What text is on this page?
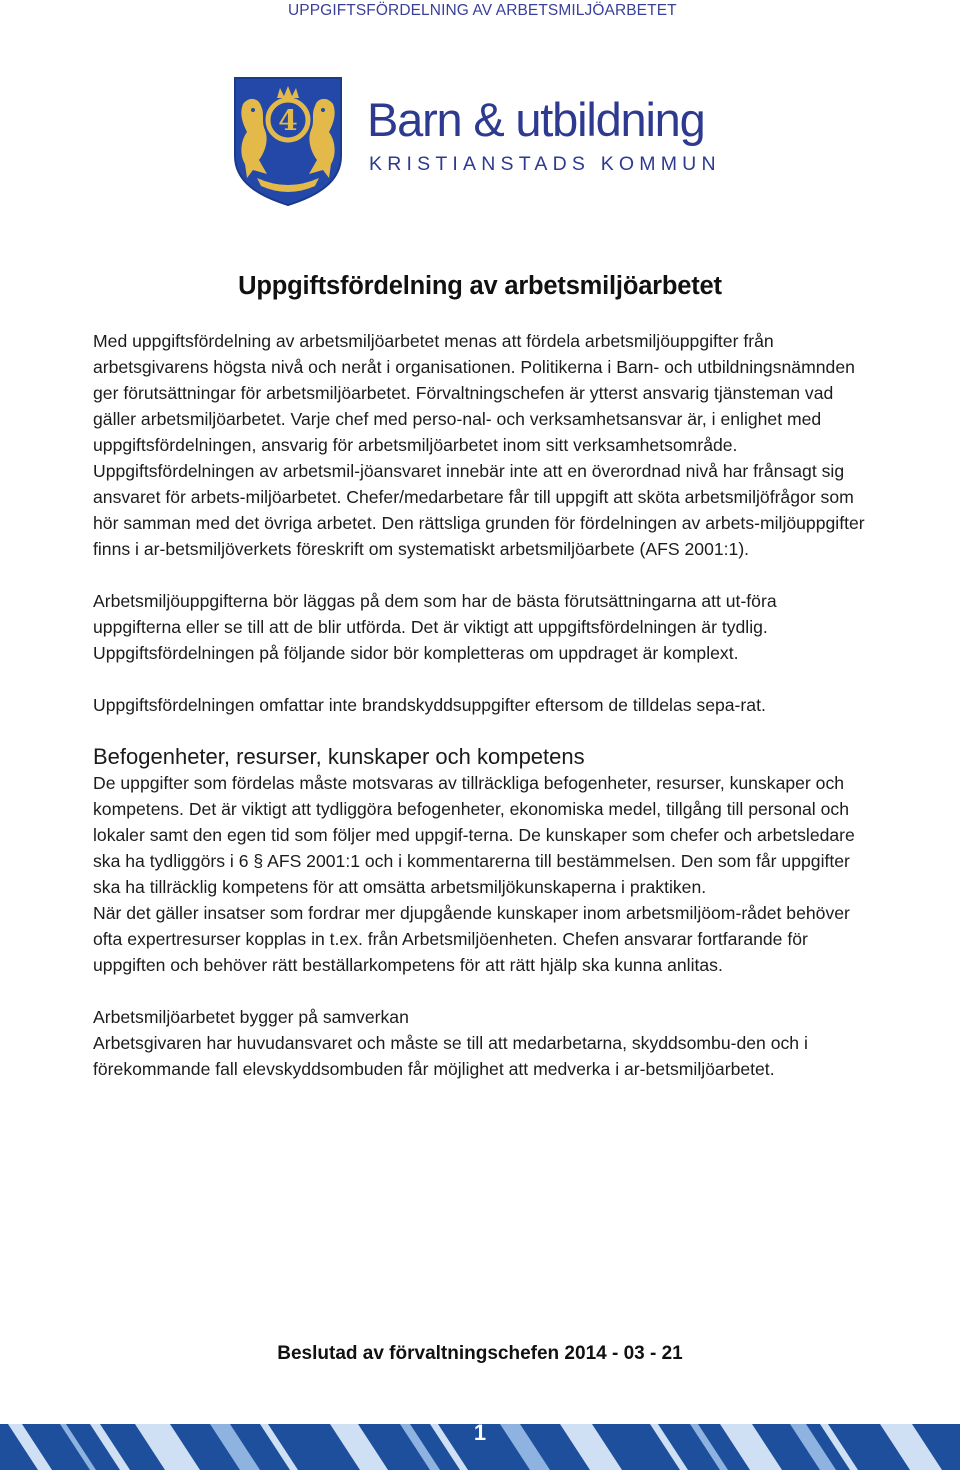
UPPGIFTSFÖRDELNING AV ARBETSMILJÖARBETET
4 Barn & utbildning
KRISTIANSTADS KOMMUN
Uppgiftsfördelning av arbetsmiljöarbetet

Med uppgiftsfördelning av arbetsmiljöarbetet menas att fördela arbetsmiljöuppgifter från arbetsgivarens högsta nivå och neråt i organisationen. Politikerna i Barn- och utbildningsnämnden ger förutsättningar för arbetsmiljöarbetet. Förvaltningschefen är ytterst ansvarig tjänsteman vad gäller arbetsmiljöarbetet. Varje chef med perso-nal- och verksamhetsansvar är, i enlighet med uppgiftsfördelningen, ansvarig för arbetsmiljöarbetet inom sitt verksamhetsområde. Uppgiftsfördelningen av arbetsmil-jöansvaret innebär inte att en överordnad nivå har frånsagt sig ansvaret för arbets-miljöarbetet. Chefer/medarbetare får till uppgift att sköta arbetsmiljöfrågor som hör samman med det övriga arbetet. Den rättsliga grunden för fördelningen av arbets-miljöuppgifter finns i ar-betsmiljöverkets föreskrift om systematiskt arbetsmiljöarbete (AFS 2001:1).

Arbetsmiljöuppgifterna bör läggas på dem som har de bästa förutsättningarna att ut-föra uppgifterna eller se till att de blir utförda. Det är viktigt att uppgiftsfördelningen är tydlig. Uppgiftsfördelningen på följande sidor bör kompletteras om uppdraget är komplext.

Uppgiftsfördelningen omfattar inte brandskyddsuppgifter eftersom de tilldelas sepa-rat.

Befogenheter, resurser, kunskaper och kompetens

De uppgifter som fördelas måste motsvaras av tillräckliga befogenheter, resurser, kunskaper och kompetens. Det är viktigt att tydliggöra befogenheter, ekonomiska medel, tillgång till personal och lokaler samt den egen tid som följer med uppgif-terna. De kunskaper som chefer och arbetsledare ska ha tydliggörs i 6 § AFS 2001:1 och i kommentarerna till bestämmelsen. Den som får uppgifter ska ha tillräcklig kompetens för att omsätta arbetsmiljökunskaperna i praktiken.

När det gäller insatser som fordrar mer djupgående kunskaper inom arbetsmiljöom-rådet behöver ofta expertresurser kopplas in t.ex. från Arbetsmiljöenheten. Chefen ansvarar fortfarande för uppgiften och behöver rätt beställarkompetens för att rätt hjälp ska kunna anlitas.

Arbetsmiljöarbetet bygger på samverkan

Arbetsgivaren har huvudansvaret och måste se till att medarbetarna, skyddsombu-den och i förekommande fall elevskyddsombuden får möjlighet att medverka i ar-betsmiljöarbetet.

Beslutad av förvaltningschefen 2014 - 03 - 21
1
